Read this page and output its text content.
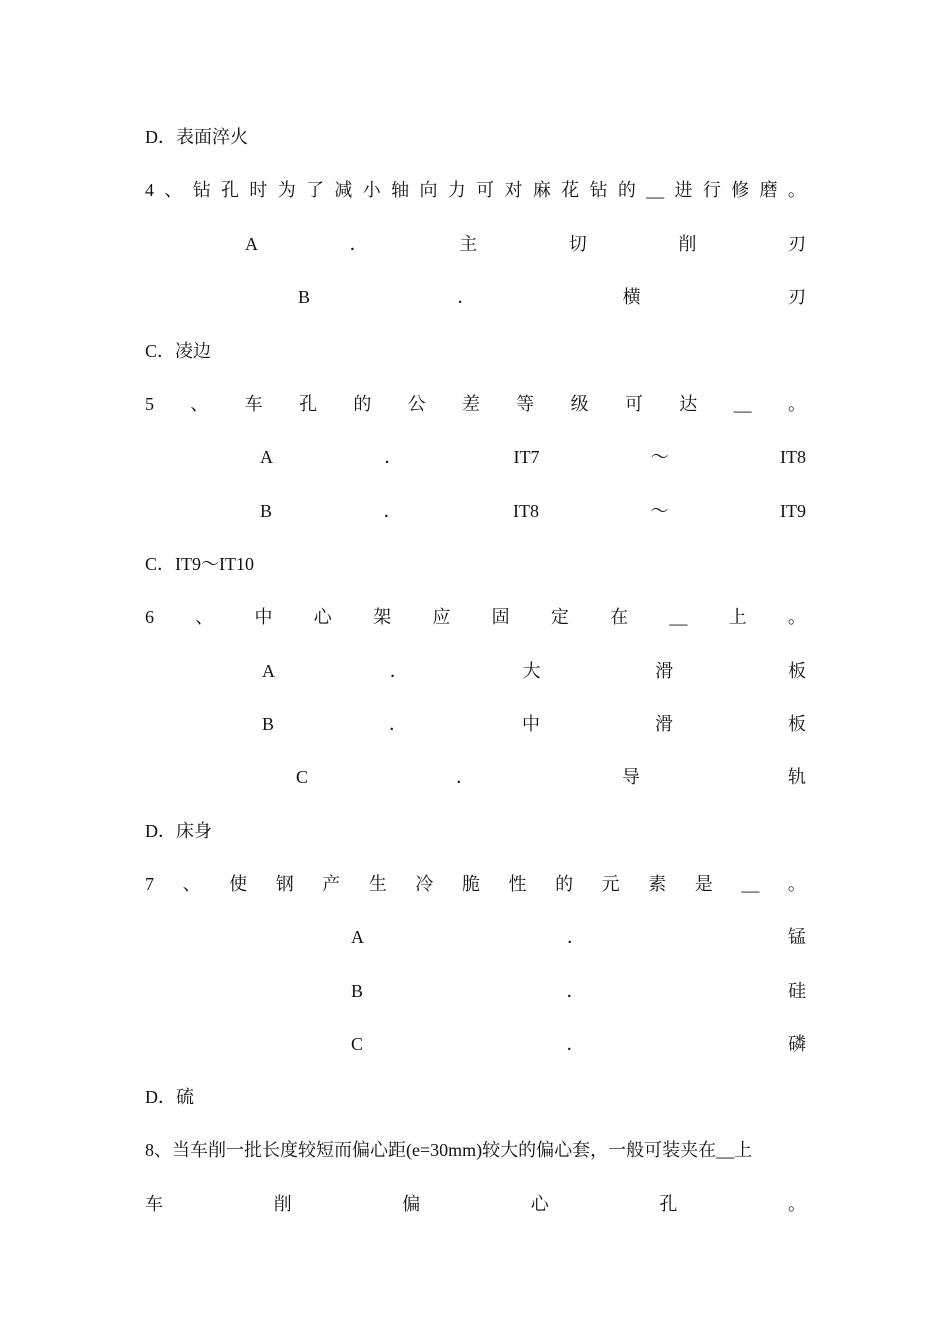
D．表面淬火
4 、 钻 孔 时 为 了 减 小 轴 向 力 可 对 麻 花 钻 的 __ 进 行 修 磨 。
A	．	主	切	削	刃
B	．	横	刃
C．凌边
5 、 车 孔 的 公 差 等 级 可 达 __ 。
A	．	IT7	～	IT8
B	．	IT8	～	IT9
C．IT9～IT10
6 、 中 心 架 应 固 定 在 __ 上 。
A	．	大	滑	板
B	．	中	滑	板
C	．	导	轨
D．床身
7 、 使 钢 产 生 冷 脆 性 的 元 素 是 __ 。
A	．	锰
B	．	硅
C	．	磷
D．硫
8、当车削一批长度较短而偏心距(e=30mm)较大的偏心套，一般可装夹在__上
车	削	偏	心	孔	。
